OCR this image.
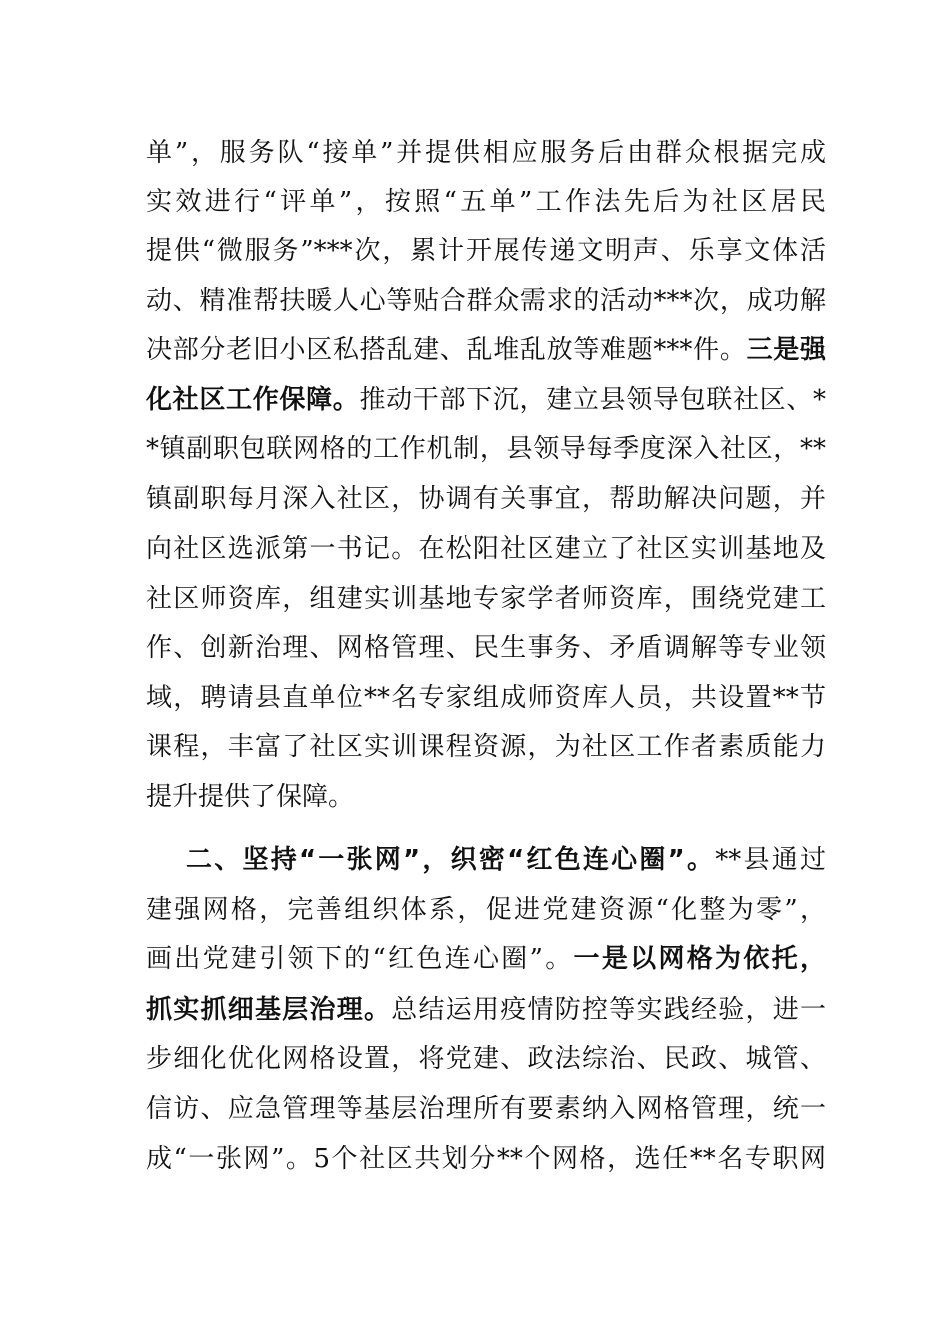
单”，服务队“接单”并提供相应服务后由群众根据完成
实效进行“评单”，按照“五单”工作法先后为社区居民
提供“微服务”***次，累计开展传递文明声、乐享文体活
动、精准帮扶暖人心等贴合群众需求的活动***次，成功解
决部分老旧小区私搭乱建、乱堆乱放等难题***件。三是强
化社区工作保障。推动干部下沉，建立县领导包联社区、*
*镇副职包联网格的工作机制，县领导每季度深入社区，**
镇副职每月深入社区，协调有关事宜，帮助解决问题，并
向社区选派第一书记。在松阳社区建立了社区实训基地及
社区师资库，组建实训基地专家学者师资库，围绕党建工
作、创新治理、网格管理、民生事务、矛盾调解等专业领
域，聘请县直单位**名专家组成师资库人员，共设置**节
课程，丰富了社区实训课程资源，为社区工作者素质能力
提升提供了保障。
二、坚持“一张网”，织密“红色连心圈”。**县通过
建强网格，完善组织体系，促进党建资源“化整为零”，
画出党建引领下的“红色连心圈”。一是以网格为依托，
抓实抓细基层治理。总结运用疫情防控等实践经验，进一
步细化优化网格设置，将党建、政法综治、民政、城管、
信访、应急管理等基层治理所有要素纳入网格管理，统一
成“一张网”。5个社区共划分**个网格，选任**名专职网
